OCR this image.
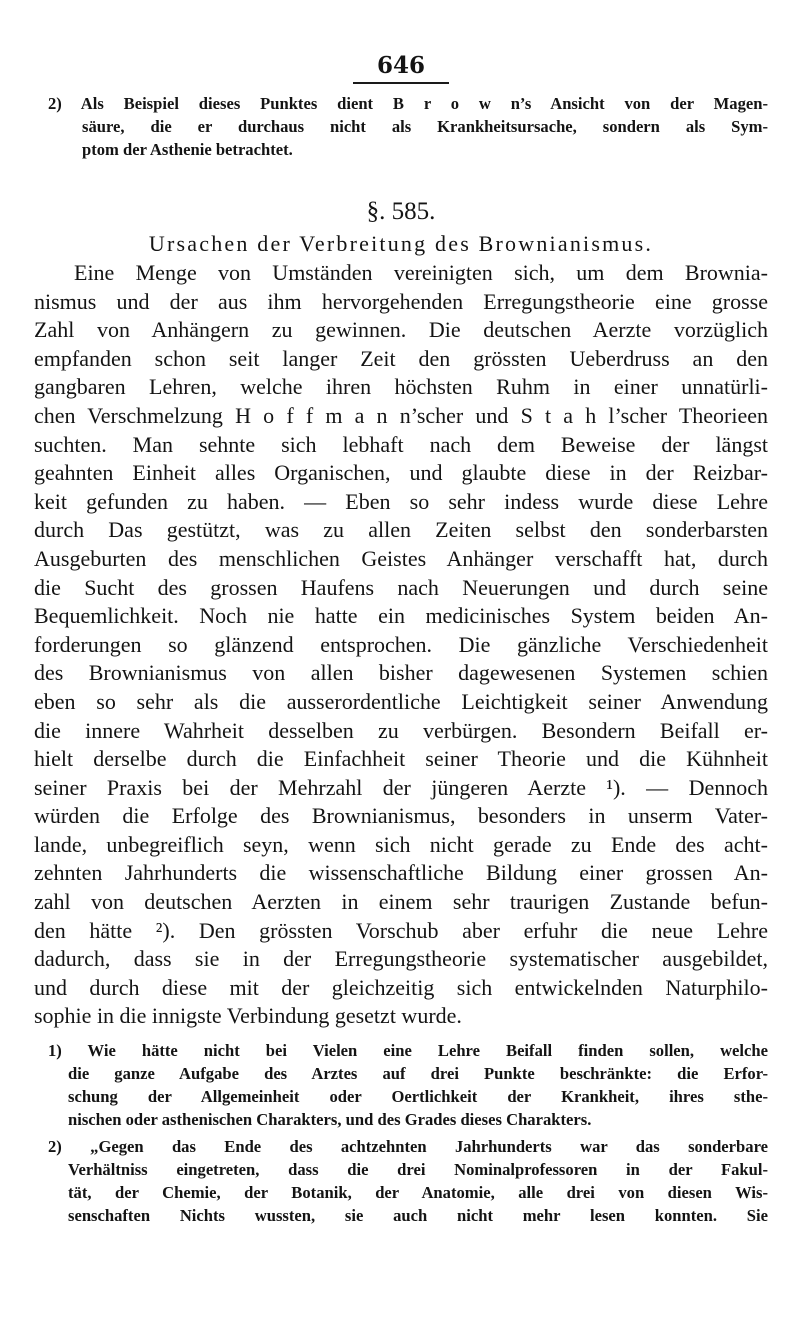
646
2) Als Beispiel dieses Punktes dient B r o w n’s Ansicht von der Magen-
säure, die er durchaus nicht als Krankheitsursache, sondern als Sym-
ptom der Asthenie betrachtet.
§. 585.
Ursachen der Verbreitung des Brownianismus.
Eine Menge von Umständen vereinigten sich, um dem Brownia-
nismus und der aus ihm hervorgehenden Erregungstheorie eine grosse
Zahl von Anhängern zu gewinnen. Die deutschen Aerzte vorzüglich
empfanden schon seit langer Zeit den grössten Ueberdruss an den
gangbaren Lehren, welche ihren höchsten Ruhm in einer unnatürli-
chen Verschmelzung H o f f m a n n’scher und S t a h l’scher Theorieen
suchten. Man sehnte sich lebhaft nach dem Beweise der längst
geahnten Einheit alles Organischen, und glaubte diese in der Reizbar-
keit gefunden zu haben. — Eben so sehr indess wurde diese Lehre
durch Das gestützt, was zu allen Zeiten selbst den sonderbarsten
Ausgeburten des menschlichen Geistes Anhänger verschafft hat, durch
die Sucht des grossen Haufens nach Neuerungen und durch seine
Bequemlichkeit. Noch nie hatte ein medicinisches System beiden An-
forderungen so glänzend entsprochen. Die gänzliche Verschiedenheit
des Brownianismus von allen bisher dagewesenen Systemen schien
eben so sehr als die ausserordentliche Leichtigkeit seiner Anwendung
die innere Wahrheit desselben zu verbürgen. Besondern Beifall er-
hielt derselbe durch die Einfachheit seiner Theorie und die Kühnheit
seiner Praxis bei der Mehrzahl der jüngeren Aerzte ¹). — Dennoch
würden die Erfolge des Brownianismus, besonders in unserm Vater-
lande, unbegreiflich seyn, wenn sich nicht gerade zu Ende des acht-
zehnten Jahrhunderts die wissenschaftliche Bildung einer grossen An-
zahl von deutschen Aerzten in einem sehr traurigen Zustande befun-
den hätte ²). Den grössten Vorschub aber erfuhr die neue Lehre
dadurch, dass sie in der Erregungstheorie systematischer ausgebildet,
und durch diese mit der gleichzeitig sich entwickelnden Naturphilo-
sophie in die innigste Verbindung gesetzt wurde.
1) Wie hätte nicht bei Vielen eine Lehre Beifall finden sollen, welche
die ganze Aufgabe des Arztes auf drei Punkte beschränkte: die Erfor-
schung der Allgemeinheit oder Oertlichkeit der Krankheit, ihres sthe-
nischen oder asthenischen Charakters, und des Grades dieses Charakters.
2) „Gegen das Ende des achtzehnten Jahrhunderts war das sonderbare
Verhältniss eingetreten, dass die drei Nominalprofessoren in der Fakul-
tät, der Chemie, der Botanik, der Anatomie, alle drei von diesen Wis-
senschaften Nichts wussten, sie auch nicht mehr lesen konnten. Sie
